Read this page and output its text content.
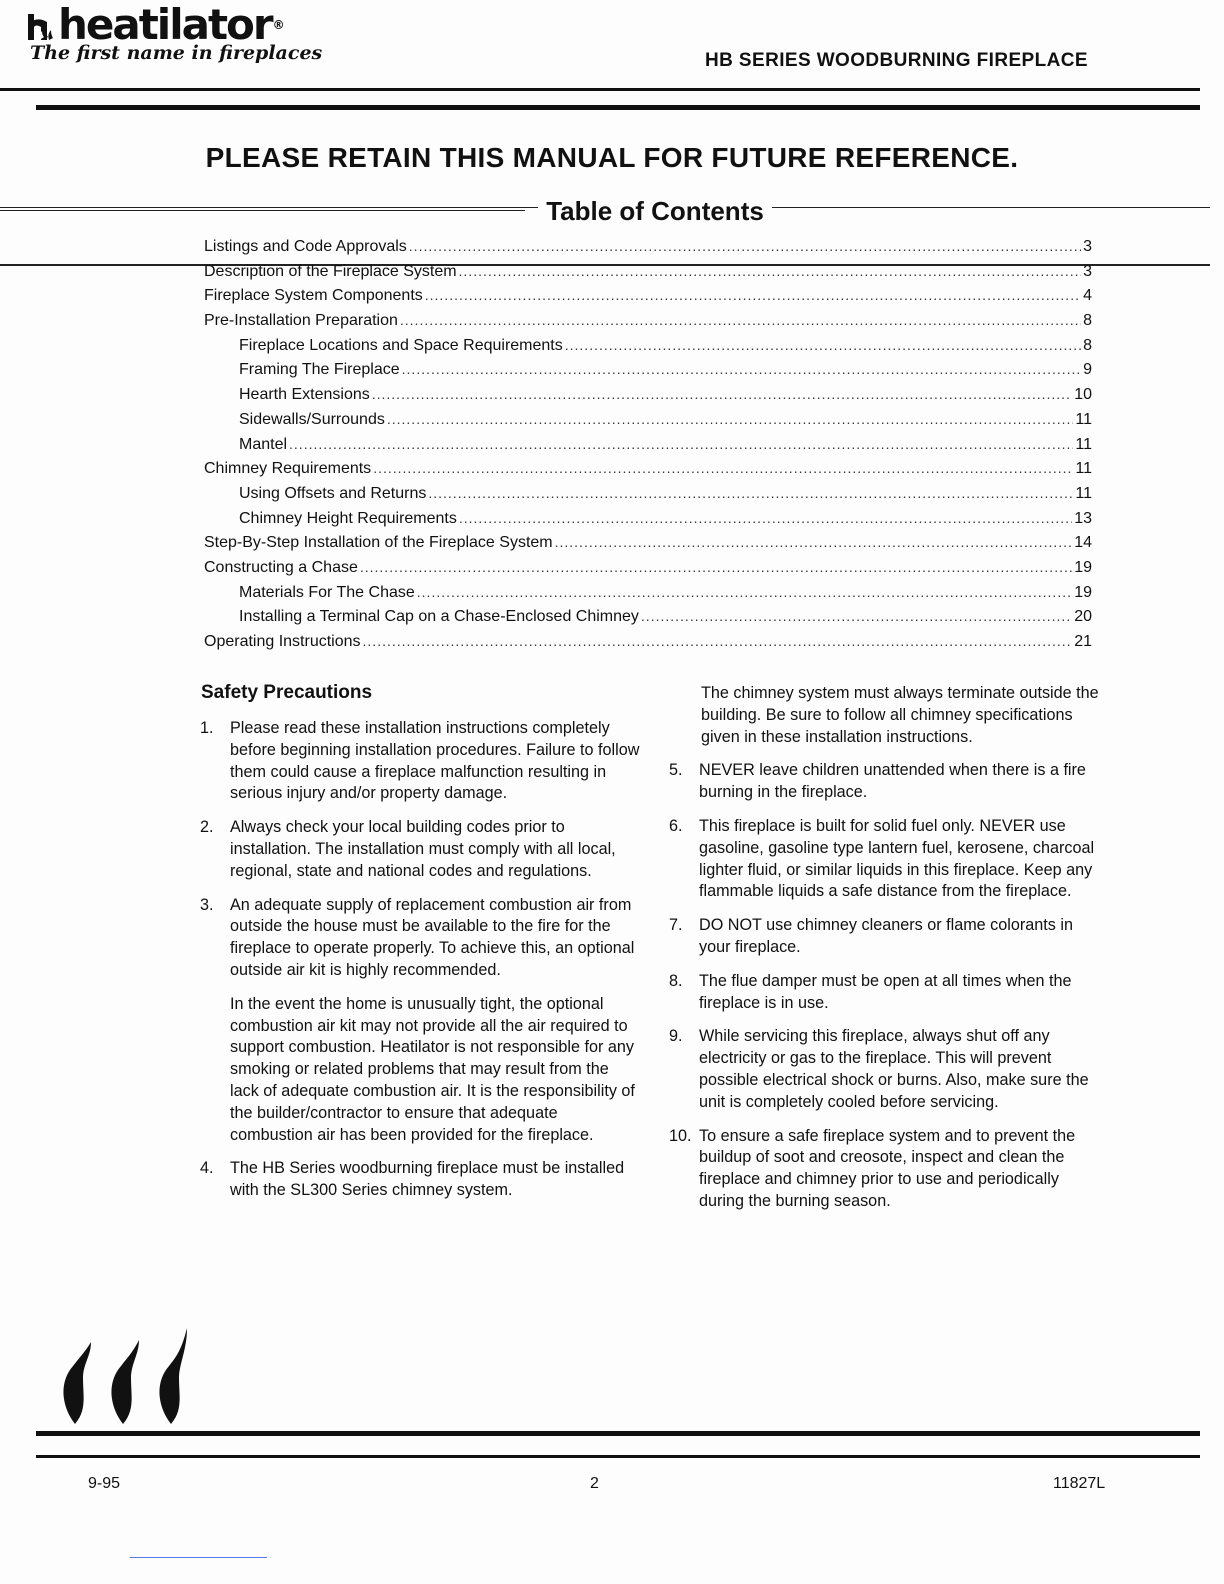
heatilator ®
The first name in fireplaces	HB SERIES WOODBURNING FIREPLACE
PLEASE RETAIN THIS MANUAL FOR FUTURE REFERENCE.
Table of Contents
Listings and Code Approvals .....	3
Description of the Fireplace System .....	3
Fireplace System Components .....	4
Pre-Installation Preparation .....	8
Fireplace Locations and Space Requirements .....	8
Framing The Fireplace .....	9
Hearth Extensions .....	10
Sidewalls/Surrounds .....	11
Mantel .....	11
Chimney Requirements .....	11
Using Offsets and Returns .....	11
Chimney Height Requirements .....	13
Step-By-Step Installation of the Fireplace System .....	14
Constructing a Chase .....	19
Materials For The Chase .....	19
Installing a Terminal Cap on a Chase-Enclosed Chimney .....	20
Operating Instructions .....	21
Safety Precautions
1.	Please read these installation instructions completely before beginning installation procedures. Failure to follow them could cause a fireplace malfunction resulting in serious injury and/or property damage.
2.	Always check your local building codes prior to installation. The installation must comply with all local, regional, state and national codes and regulations.
3.	An adequate supply of replacement combustion air from outside the house must be available to the fire for the fireplace to operate properly. To achieve this, an optional outside air kit is highly recommended.
In the event the home is unusually tight, the optional combustion air kit may not provide all the air required to support combustion. Heatilator is not responsible for any smoking or related problems that may result from the lack of adequate combustion air. It is the responsibility of the builder/contractor to ensure that adequate combustion air has been provided for the fireplace.
4.	The HB Series woodburning fireplace must be installed with the SL300 Series chimney system.
The chimney system must always terminate outside the building. Be sure to follow all chimney specifications given in these installation instructions.
5.	NEVER leave children unattended when there is a fire burning in the fireplace.
6.	This fireplace is built for solid fuel only. NEVER use gasoline, gasoline type lantern fuel, kerosene, charcoal lighter fluid, or similar liquids in this fireplace. Keep any flammable liquids a safe distance from the fireplace.
7.	DO NOT use chimney cleaners or flame colorants in your fireplace.
8.	The flue damper must be open at all times when the fireplace is in use.
9.	While servicing this fireplace, always shut off any electricity or gas to the fireplace. This will prevent possible electrical shock or burns. Also, make sure the unit is completely cooled before servicing.
10. To ensure a safe fireplace system and to prevent the buildup of soot and creosote, inspect and clean the fireplace and chimney prior to use and periodically during the burning season.
9-95	2	11827L
